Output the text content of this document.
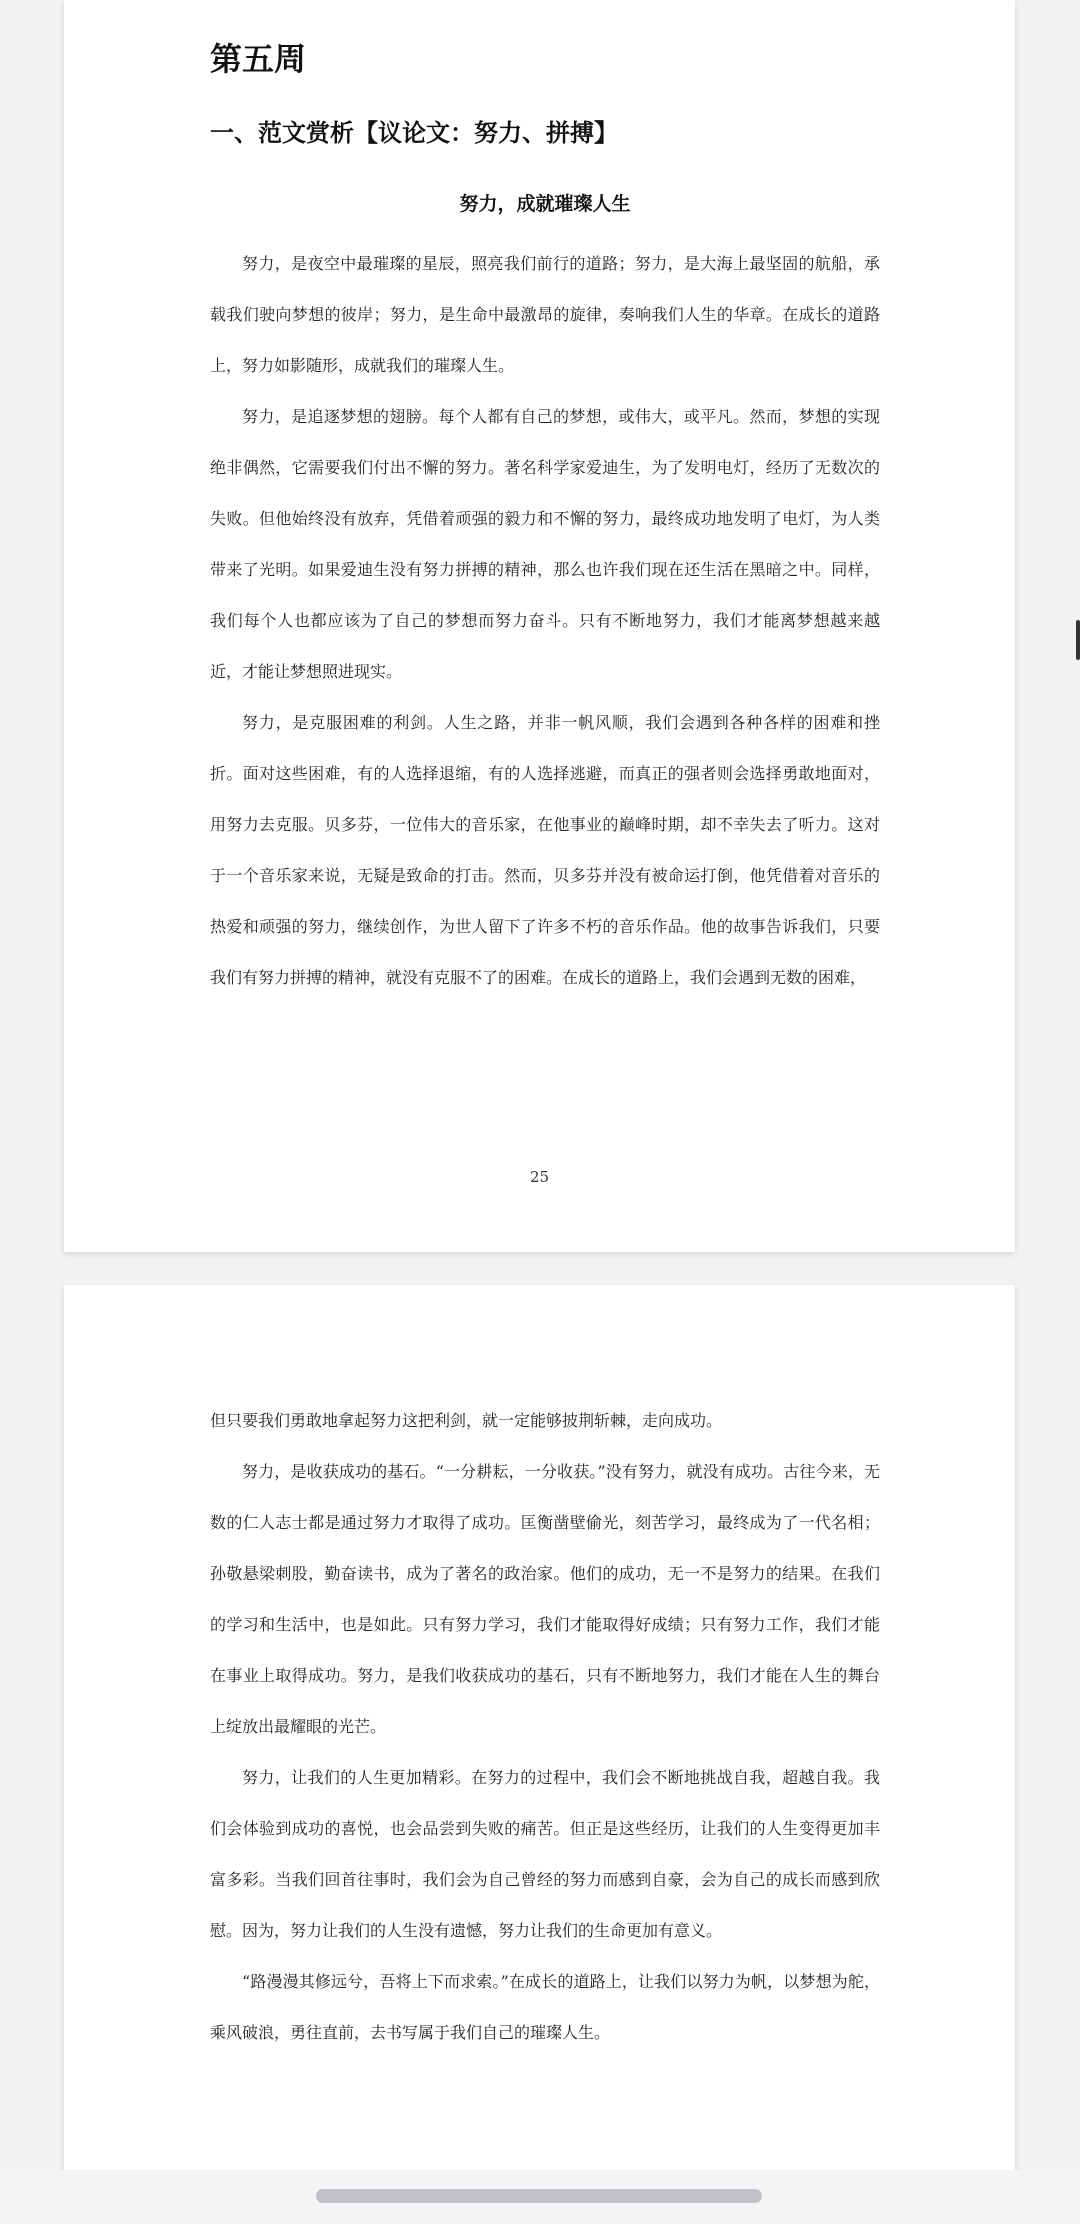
第五周
一、范文赏析【议论文：努力、拼搏】
努力，成就璀璨人生

努力，是夜空中最璀璨的星辰，照亮我们前行的道路；努力，是大海上最坚固的航船，承载我们驶向梦想的彼岸；努力，是生命中最激昂的旋律，奏响我们人生的华章。在成长的道路上，努力如影随形，成就我们的璀璨人生。

努力，是追逐梦想的翅膀。每个人都有自己的梦想，或伟大，或平凡。然而，梦想的实现绝非偶然，它需要我们付出不懈的努力。著名科学家爱迪生，为了发明电灯，经历了无数次的失败。但他始终没有放弃，凭借着顽强的毅力和不懈的努力，最终成功地发明了电灯，为人类带来了光明。如果爱迪生没有努力拼搏的精神，那么也许我们现在还生活在黑暗之中。同样，我们每个人也都应该为了自己的梦想而努力奋斗。只有不断地努力，我们才能离梦想越来越近，才能让梦想照进现实。

努力，是克服困难的利剑。人生之路，并非一帆风顺，我们会遇到各种各样的困难和挫折。面对这些困难，有的人选择退缩，有的人选择逃避，而真正的强者则会选择勇敢地面对，用努力去克服。贝多芬，一位伟大的音乐家，在他事业的巅峰时期，却不幸失去了听力。这对于一个音乐家来说，无疑是致命的打击。然而，贝多芬并没有被命运打倒，他凭借着对音乐的热爱和顽强的努力，继续创作，为世人留下了许多不朽的音乐作品。他的故事告诉我们，只要我们有努力拼搏的精神，就没有克服不了的困难。在成长的道路上，我们会遇到无数的困难，

25

但只要我们勇敢地拿起努力这把利剑，就一定能够披荆斩棘，走向成功。

努力，是收获成功的基石。“一分耕耘，一分收获。”没有努力，就没有成功。古往今来，无数的仁人志士都是通过努力才取得了成功。匡衡凿壁偷光，刻苦学习，最终成为了一代名相；孙敬悬梁刺股，勤奋读书，成为了著名的政治家。他们的成功，无一不是努力的结果。在我们的学习和生活中，也是如此。只有努力学习，我们才能取得好成绩；只有努力工作，我们才能在事业上取得成功。努力，是我们收获成功的基石，只有不断地努力，我们才能在人生的舞台上绽放出最耀眼的光芒。

努力，让我们的人生更加精彩。在努力的过程中，我们会不断地挑战自我，超越自我。我们会体验到成功的喜悦，也会品尝到失败的痛苦。但正是这些经历，让我们的人生变得更加丰富多彩。当我们回首往事时，我们会为自己曾经的努力而感到自豪，会为自己的成长而感到欣慰。因为，努力让我们的人生没有遗憾，努力让我们的生命更加有意义。

“路漫漫其修远兮，吾将上下而求索。”在成长的道路上，让我们以努力为帆，以梦想为舵，乘风破浪，勇往直前，去书写属于我们自己的璀璨人生。
